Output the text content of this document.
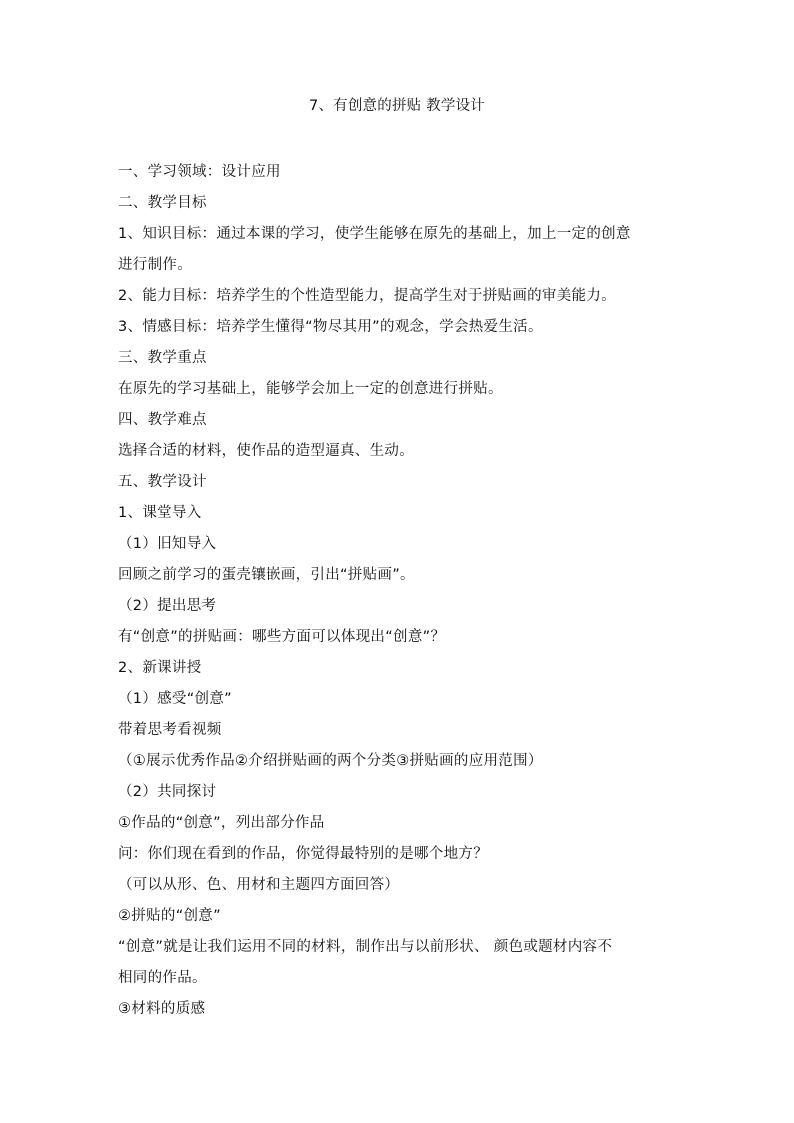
7、有创意的拼贴 教学设计
一、学习领域：设计应用
二、教学目标
1、知识目标：通过本课的学习，使学生能够在原先的基础上，加上一定的创意
进行制作。
2、能力目标：培养学生的个性造型能力，提高学生对于拼贴画的审美能力。
3、情感目标：培养学生懂得“物尽其用”的观念，学会热爱生活。
三、教学重点
在原先的学习基础上，能够学会加上一定的创意进行拼贴。
四、教学难点
选择合适的材料，使作品的造型逼真、生动。
五、教学设计
1、课堂导入
（1）旧知导入
回顾之前学习的蛋壳镶嵌画，引出“拼贴画”。
（2）提出思考
有“创意”的拼贴画：哪些方面可以体现出“创意”？
2、新课讲授
（1）感受“创意”
带着思考看视频
（①展示优秀作品②介绍拼贴画的两个分类③拼贴画的应用范围）
（2）共同探讨
①作品的“创意”，列出部分作品
问：你们现在看到的作品，你觉得最特别的是哪个地方？
（可以从形、色、用材和主题四方面回答）
②拼贴的“创意”
“创意”就是让我们运用不同的材料，制作出与以前形状、 颜色或题材内容不
相同的作品。
③材料的质感
